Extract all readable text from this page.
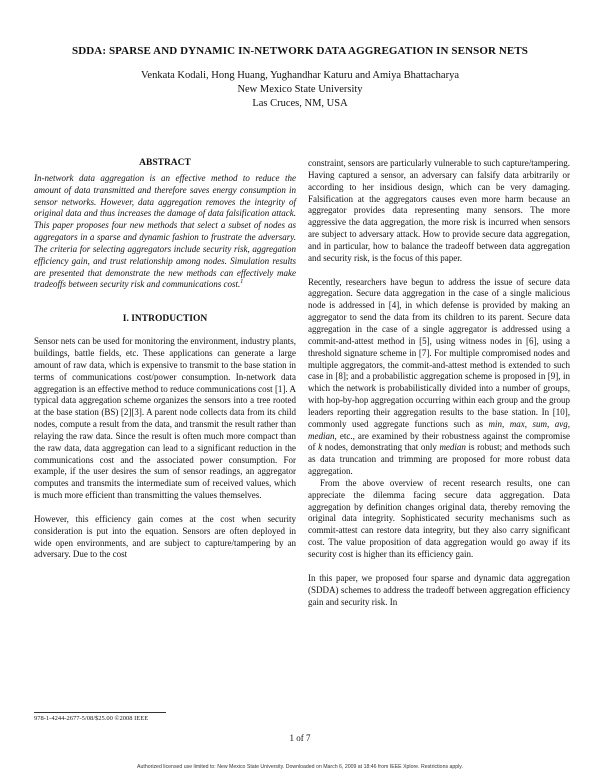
SDDA: SPARSE AND DYNAMIC IN-NETWORK DATA AGGREGATION IN SENSOR NETS
Venkata Kodali, Hong Huang, Yughandhar Katuru and Amiya Bhattacharya
New Mexico State University
Las Cruces, NM, USA
ABSTRACT

In-network data aggregation is an effective method to reduce the amount of data transmitted and therefore saves energy consumption in sensor networks. However, data aggregation removes the integrity of original data and thus increases the damage of data falsification attack. This paper proposes four new methods that select a subset of nodes as aggregators in a sparse and dynamic fashion to frustrate the adversary. The criteria for selecting aggregators include security risk, aggregation efficiency gain, and trust relationship among nodes. Simulation results are presented that demonstrate the new methods can effectively make tradeoffs between security risk and communications cost.$^1$

I. INTRODUCTION

Sensor nets can be used for monitoring the environment, industry plants, buildings, battle fields, etc. These applications can generate a large amount of raw data, which is expensive to transmit to the base station in terms of communications cost/power consumption. In-network data aggregation is an effective method to reduce communications cost [1]. A typical data aggregation scheme organizes the sensors into a tree rooted at the base station (BS) [2][3]. A parent node collects data from its child nodes, compute a result from the data, and transmit the result rather than relaying the raw data. Since the result is often much more compact than the raw data, data aggregation can lead to a significant reduction in the communications cost and the associated power consumption. For example, if the user desires the sum of sensor readings, an aggregator computes and transmits the intermediate sum of received values, which is much more efficient than transmitting the values themselves.

However, this efficiency gain comes at the cost when security consideration is put into the equation. Sensors are often deployed in wide open environments, and are subject to capture/tampering by an adversary. Due to the cost

constraint, sensors are particularly vulnerable to such capture/tampering. Having captured a sensor, an adversary can falsify data arbitrarily or according to her insidious design, which can be very damaging. Falsification at the aggregators causes even more harm because an aggregator provides data representing many sensors. The more aggressive the data aggregation, the more risk is incurred when sensors are subject to adversary attack. How to provide secure data aggregation, and in particular, how to balance the tradeoff between data aggregation and security risk, is the focus of this paper.

Recently, researchers have begun to address the issue of secure data aggregation. Secure data aggregation in the case of a single malicious node is addressed in [4], in which defense is provided by making an aggregator to send the data from its children to its parent. Secure data aggregation in the case of a single aggregator is addressed using a commit-and-attest method in [5], using witness nodes in [6], using a threshold signature scheme in [7]. For multiple compromised nodes and multiple aggregators, the commit-and-attest method is extended to such case in [8]; and a probabilistic aggregation scheme is proposed in [9], in which the network is probabilistically divided into a number of groups, with hop-by-hop aggregation occurring within each group and the group leaders reporting their aggregation results to the base station. In [10], commonly used aggregate functions such as min, max, sum, avg, median, etc., are examined by their robustness against the compromise of k nodes, demonstrating that only median is robust; and methods such as data truncation and trimming are proposed for more robust data aggregation.

From the above overview of recent research results, one can appreciate the dilemma facing secure data aggregation. Data aggregation by definition changes original data, thereby removing the original data integrity. Sophisticated security mechanisms such as commit-attest can restore data integrity, but they also carry significant cost. The value proposition of data aggregation would go away if its security cost is higher than its efficiency gain.

In this paper, we proposed four sparse and dynamic data aggregation (SDDA) schemes to address the tradeoff between aggregation efficiency gain and security risk. In

978-1-4244-2677-5/08/$25.00 ©2008 IEEE
1 of 7
Authorized licensed use limited to: New Mexico State University. Downloaded on March 6, 2009 at 18:46 from IEEE Xplore. Restrictions apply.
